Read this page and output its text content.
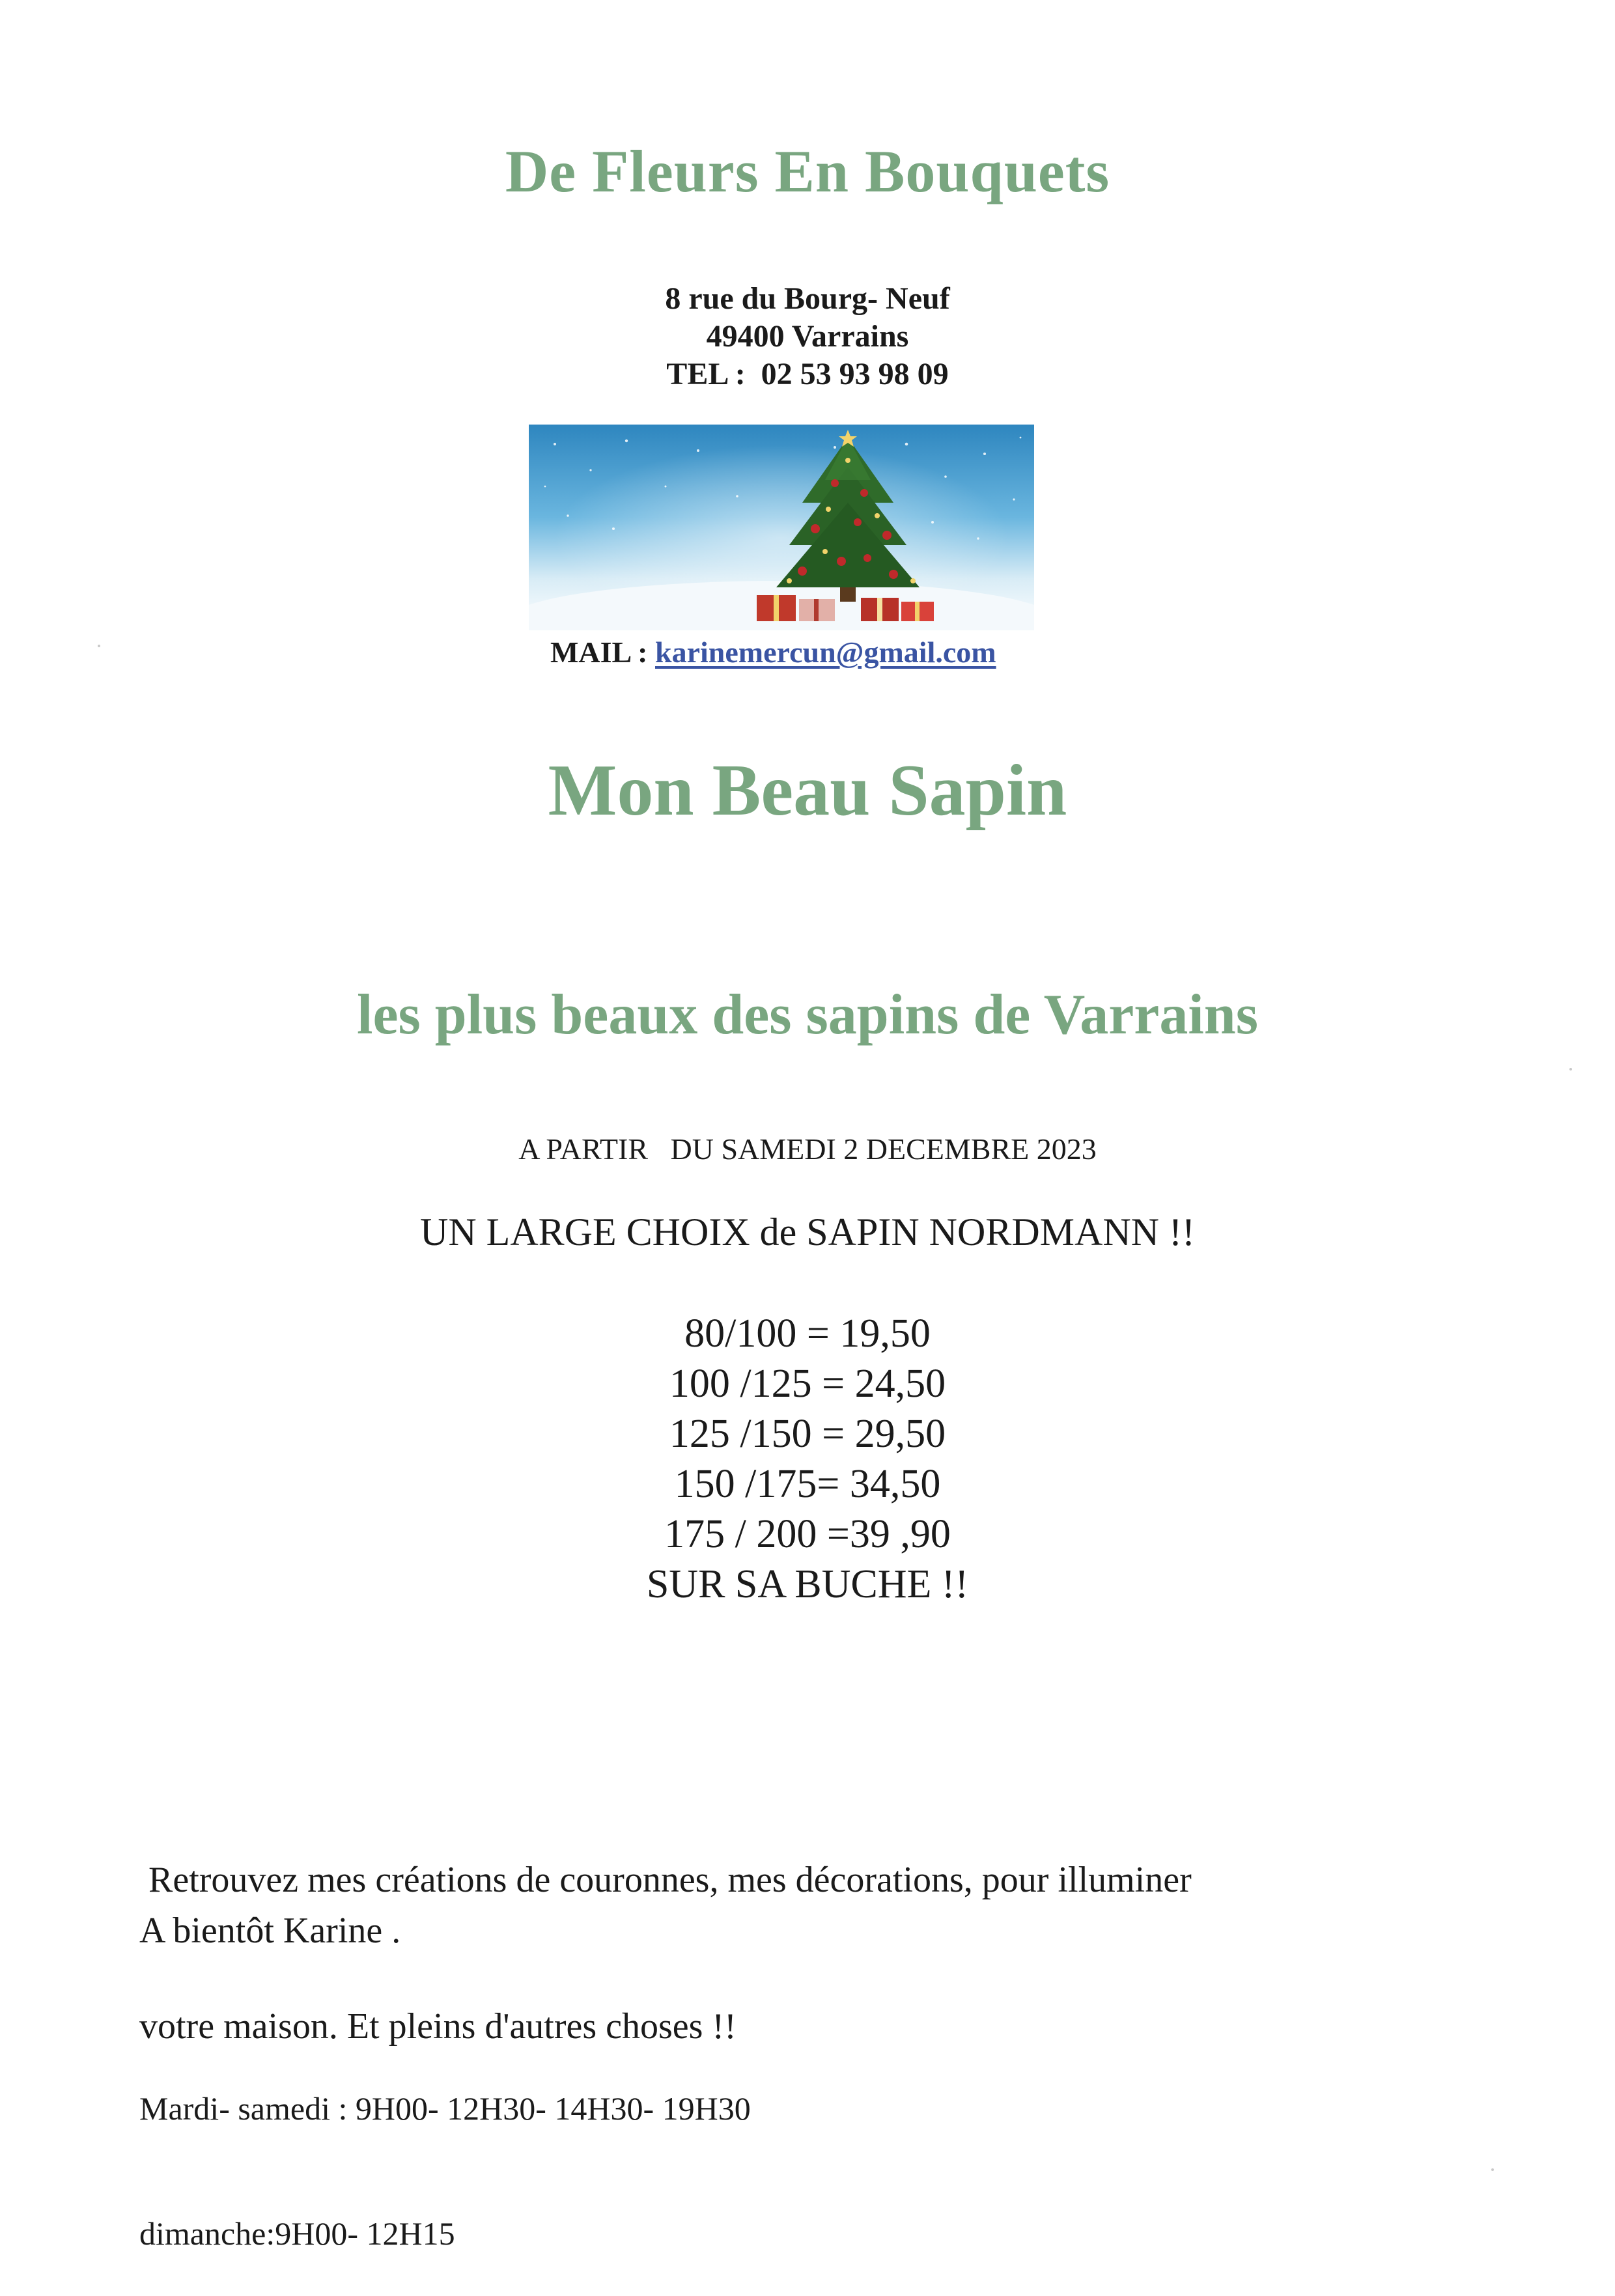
De Fleurs En Bouquets
8 rue du Bourg- Neuf
49400 Varrains
TEL :  02 53 93 98 09
MAIL : karinemercun@gmail.com
Mon Beau Sapin
les plus beaux des sapins de Varrains
A PARTIR   DU SAMEDI 2 DECEMBRE 2023
UN LARGE CHOIX de SAPIN NORDMANN !!
80/100 = 19,50
100 /125 = 24,50
125 /150 = 29,50
150 /175= 34,50
175 / 200 =39 ,90
SUR SA BUCHE !!

Retrouvez mes créations de couronnes, mes décorations, pour illuminer

votre maison. Et pleins d'autres choses !!

A bientôt Karine .

Mardi- samedi : 9H00- 12H30- 14H30- 19H30

dimanche:9H00- 12H15
